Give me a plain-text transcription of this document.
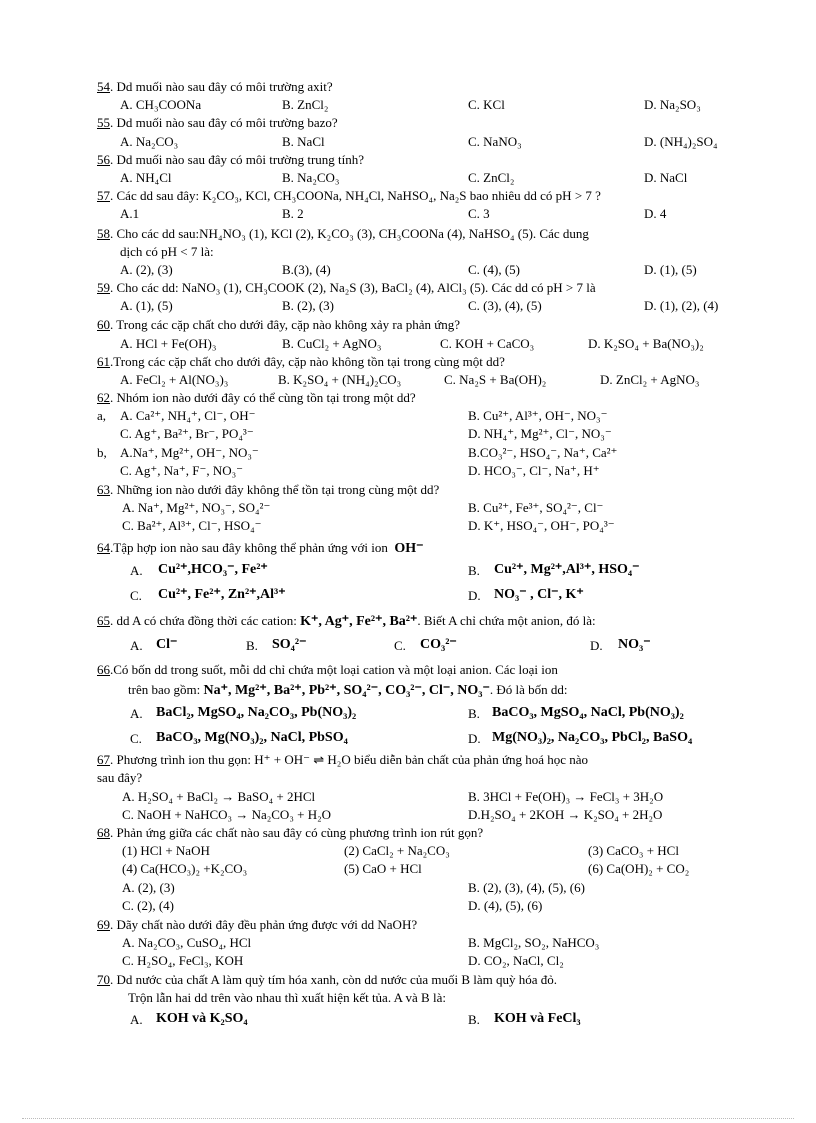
54. Dd muối nào sau đây có môi trường axit?
A. CH₃COONa	B. ZnCl₂	C. KCl	D. Na₂SO₃
55. Dd muối nào sau đây có môi trường bazo?
A. Na₂CO₃	B. NaCl	C. NaNO₃	D. (NH₄)₂SO₄
56. Dd muối nào sau đây có môi trường trung tính?
A. NH₄Cl	B. Na₂CO₃	C. ZnCl₂	D. NaCl
57. Các dd sau đây: K₂CO₃, KCl, CH₃COONa, NH₄Cl, NaHSO₄, Na₂S bao nhiêu dd có pH > 7 ?
A.1	B. 2	C. 3	D. 4
58. Cho các dd sau:NH₄NO₃ (1), KCl (2), K₂CO₃ (3), CH₃COONa (4), NaHSO₄ (5). Các dung
dịch có pH < 7 là:
A. (2), (3)	B.(3), (4)	C. (4), (5)	D. (1), (5)
59. Cho các dd: NaNO₃ (1), CH₃COOK (2), Na₂S (3), BaCl₂ (4), AlCl₃ (5). Các dd có pH > 7 là
A. (1), (5)	B. (2), (3)	C. (3), (4), (5)	D. (1), (2), (4)
60. Trong các cặp chất cho dưới đây, cặp nào không xảy ra phản ứng?
A. HCl + Fe(OH)₃	B. CuCl₂ + AgNO₃	C. KOH + CaCO₃	D. K₂SO₄ + Ba(NO₃)₂
61.Trong các cặp chất cho dưới đây, cặp nào không tồn tại trong cùng một dd?
A. FeCl₂ + Al(NO₃)₃	B. K₂SO₄ + (NH₄)₂CO₃	C. Na₂S + Ba(OH)₂	D. ZnCl₂ + AgNO₃
62. Nhóm ion nào dưới đây có thể cùng tồn tại trong một dd?
a, A. Ca²⁺, NH₄⁺, Cl⁻, OH⁻	B. Cu²⁺, Al³⁺, OH⁻, NO₃⁻
C. Ag⁺, Ba²⁺, Br⁻, PO₄³⁻	D. NH₄⁺, Mg²⁺, Cl⁻, NO₃⁻
b, A.Na⁺, Mg²⁺, OH⁻, NO₃⁻	B.CO₃²⁻, HSO₄⁻, Na⁺, Ca²⁺
C. Ag⁺, Na⁺, F⁻, NO₃⁻	D. HCO₃⁻, Cl⁻, Na⁺, H⁺
63. Những ion nào dưới đây không thể tồn tại trong cùng một dd?
A. Na⁺, Mg²⁺, NO₃⁻, SO₄²⁻	B. Cu²⁺, Fe³⁺, SO₄²⁻, Cl⁻
C. Ba²⁺, Al³⁺, Cl⁻, HSO₄⁻	D. K⁺, HSO₄⁻, OH⁻, PO₄³⁻
64.Tập hợp ion nào sau đây không thể phản ứng với ion OH⁻
A. Cu²⁺,HCO₃⁻, Fe²⁺	B. Cu²⁺, Mg²⁺,Al³⁺, HSO₄⁻
C. Cu²⁺, Fe²⁺, Zn²⁺,Al³⁺	D. NO₃⁻ , Cl⁻, K⁺
65. dd A có chứa đồng thời các cation: K⁺, Ag⁺, Fe²⁺, Ba²⁺. Biết A chỉ chứa một anion, đó là:
A. Cl⁻	B. SO₄²⁻	C. CO₃²⁻	D. NO₃⁻
66.Có bốn dd trong suốt, mỗi dd chỉ chứa một loại cation và một loại anion. Các loại ion
trên bao gồm: Na⁺, Mg²⁺, Ba²⁺, Pb²⁺, SO₄²⁻, CO₃²⁻, Cl⁻, NO₃⁻. Đó là bốn dd:
A. BaCl₂, MgSO₄, Na₂CO₃, Pb(NO₃)₂	B. BaCO₃, MgSO₄, NaCl, Pb(NO₃)₂
C. BaCO₃, Mg(NO₃)₂, NaCl, PbSO₄	D. Mg(NO₃)₂, Na₂CO₃, PbCl₂, BaSO₄
67. Phương trình ion thu gọn: H⁺ + OH⁻ ⇌ H₂O biểu diễn bản chất của phản ứng hoá học nào
sau đây?
A. H₂SO₄ + BaCl₂ → BaSO₄ + 2HCl	B. 3HCl + Fe(OH)₃ → FeCl₃ + 3H₂O
C. NaOH + NaHCO₃ → Na₂CO₃ + H₂O	D.H₂SO₄ + 2KOH → K₂SO₄ + 2H₂O
68. Phản ứng giữa các chất nào sau đây có cùng phương trình ion rút gọn?
(1) HCl + NaOH	(2) CaCl₂ + Na₂CO₃	(3) CaCO₃ + HCl
(4) Ca(HCO₃)₂ +K₂CO₃	(5) CaO + HCl	(6) Ca(OH)₂ + CO₂
A. (2), (3)	B. (2), (3), (4), (5), (6)
C. (2), (4)	D. (4), (5), (6)
69. Dãy chất nào dưới đây đều phản ứng được với dd NaOH?
A. Na₂CO₃, CuSO₄, HCl	B. MgCl₂, SO₂, NaHCO₃
C. H₂SO₄, FeCl₃, KOH	D. CO₂, NaCl, Cl₂
70. Dd nước của chất A làm quỳ tím hóa xanh, còn dd nước của muối B làm quỳ hóa đỏ.
Trộn lẫn hai dd trên vào nhau thì xuất hiện kết tủa. A và B là:
A. KOH và K₂SO₄	B. KOH và FeCl₃
